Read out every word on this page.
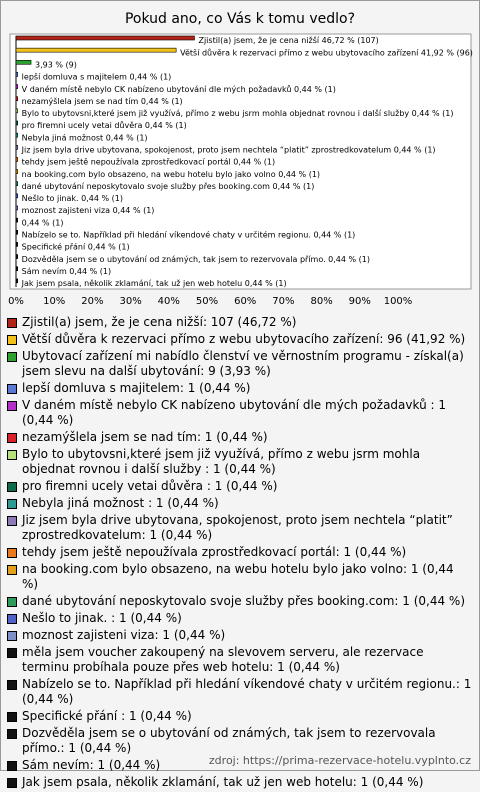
Pokud ano, co Vás k tomu vedlo?
Zjistil(a) jsem, že je cena nižší 46,72 % (107)
Větší důvěra k rezervaci přímo z webu ubytovacího zařízení 41,92 % (96)
3,93 % (9)
lepší domluva s majitelem 0,44 % (1)
V daném místě nebylo CK nabízeno ubytování dle mých požadavků 0,44 % (1)
nezamýšlela jsem se nad tím 0,44 % (1)
Bylo to ubytovsni,které jsem již využívá, přímo z webu jsrm mohla objednat rovnou i další služby 0,44 % (1)
pro firemni ucely vetai důvěra 0,44 % (1)
Nebyla jiná možnost 0,44 % (1)
Jiz jsem byla drive ubytovana, spokojenost, proto jsem nechtela “platit” zprostredkovatelum 0,44 % (1)
tehdy jsem ještě nepoužívala zprostředkovací portál 0,44 % (1)
na booking.com bylo obsazeno, na webu hotelu bylo jako volno 0,44 % (1)
dané ubytování neposkytovalo svoje služby přes booking.com 0,44 % (1)
Nešlo to jinak. 0,44 % (1)
moznost zajisteni viza 0,44 % (1)
0,44 % (1)
Nabízelo se to. Například při hledání víkendové chaty v určitém regionu. 0,44 % (1)
Specifické přání 0,44 % (1)
Dozvěděla jsem se o ubytování od známých, tak jsem to rezervovala přímo. 0,44 % (1)
Sám nevím 0,44 % (1)
Jak jsem psala, několik zklamání, tak už jen web hotelu 0,44 % (1)
0% 10% 20% 30% 40% 50% 60% 70% 80% 90% 100%
Zjistil(a) jsem, že je cena nižší: 107 (46,72 %)
Větší důvěra k rezervaci přímo z webu ubytovacího zařízení: 96 (41,92 %)
Ubytovací zařízení mi nabídlo členství ve věrnostním programu - získal(a) jsem slevu na další ubytování: 9 (3,93 %)
lepší domluva s majitelem: 1 (0,44 %)
V daném místě nebylo CK nabízeno ubytování dle mých požadavků : 1 (0,44 %)
nezamýšlela jsem se nad tím: 1 (0,44 %)
Bylo to ubytovsni,které jsem již využívá, přímo z webu jsrm mohla objednat rovnou i další služby : 1 (0,44 %)
pro firemni ucely vetai důvěra : 1 (0,44 %)
Nebyla jiná možnost : 1 (0,44 %)
Jiz jsem byla drive ubytovana, spokojenost, proto jsem nechtela “platit” zprostredkovatelum: 1 (0,44 %)
tehdy jsem ještě nepoužívala zprostředkovací portál: 1 (0,44 %)
na booking.com bylo obsazeno, na webu hotelu bylo jako volno: 1 (0,44 %)
dané ubytování neposkytovalo svoje služby přes booking.com: 1 (0,44 %)
Nešlo to jinak. : 1 (0,44 %)
moznost zajisteni viza: 1 (0,44 %)
měla jsem voucher zakoupený na slevovem serveru, ale rezervace terminu probíhala pouze přes web hotelu: 1 (0,44 %)
Nabízelo se to. Například při hledání víkendové chaty v určitém regionu.: 1 (0,44 %)
Specifické přání : 1 (0,44 %)
Dozvěděla jsem se o ubytování od známých, tak jsem to rezervovala přímo.: 1 (0,44 %)
Sám nevím: 1 (0,44 %)
Jak jsem psala, několik zklamání, tak už jen web hotelu: 1 (0,44 %)
zdroj: https://prima-rezervace-hotelu.vyplnto.cz
